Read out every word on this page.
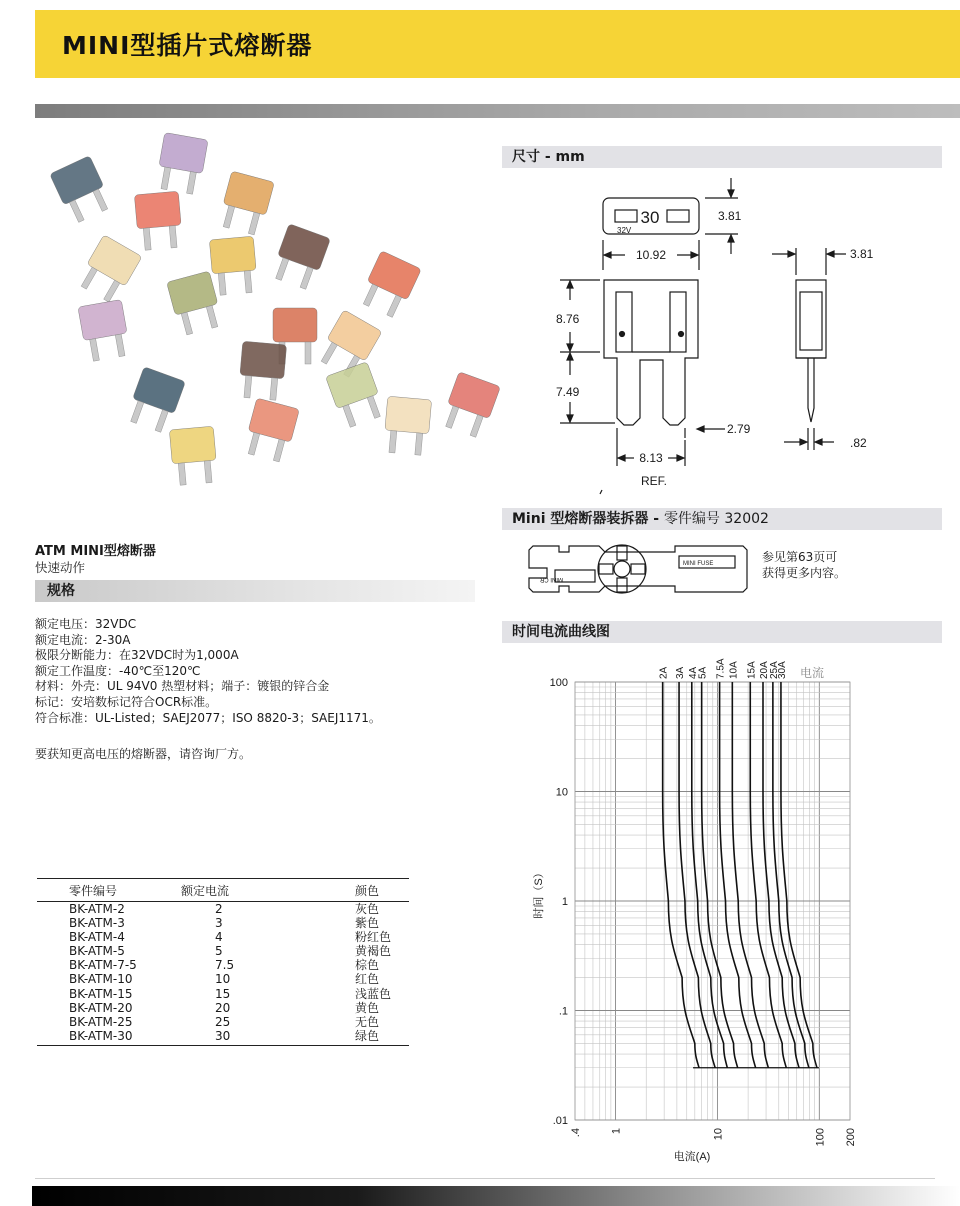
MINI型插片式熔断器
ATM MINI型熔断器
快速动作
规格
额定电压：32VDC
额定电流：2-30A
极限分断能力：在32VDC时为1,000A
额定工作温度：-40℃至120℃
材料：外壳：UL 94V0 热塑材料；端子：镀银的锌合金
标记：安培数标记符合OCR标准。
符合标准：UL-Listed；SAEJ2077；ISO 8820-3；SAEJ1171。
要获知更高电压的熔断器，请咨询厂方。
零件编号	额定电流	颜色
BK-ATM-2	2	灰色
BK-ATM-3	3	紫色
BK-ATM-4	4	粉红色
BK-ATM-5	5	黄褐色
BK-ATM-7-5	7.5	棕色
BK-ATM-10	10	红色
BK-ATM-15	15	浅蓝色
BK-ATM-20	20	黄色
BK-ATM-25	25	无色
BK-ATM-30	30	绿色
尺寸 - mm
30
32V
3.81
10.92	3.81
8.76
7.49
2.79
8.13
REF.
.82
Mini 型熔断器装拆器 - 零件编号 32002
MINI FUSE
MINI CR
参见第63页可
获得更多内容。
时间电流曲线图
2A 3A 4A
5A 7.5A 10A 15A 20A
25A
30A
100
10
1
.1
.01
.4	1	10	100 200
时间（S）
电流(A)
电流
